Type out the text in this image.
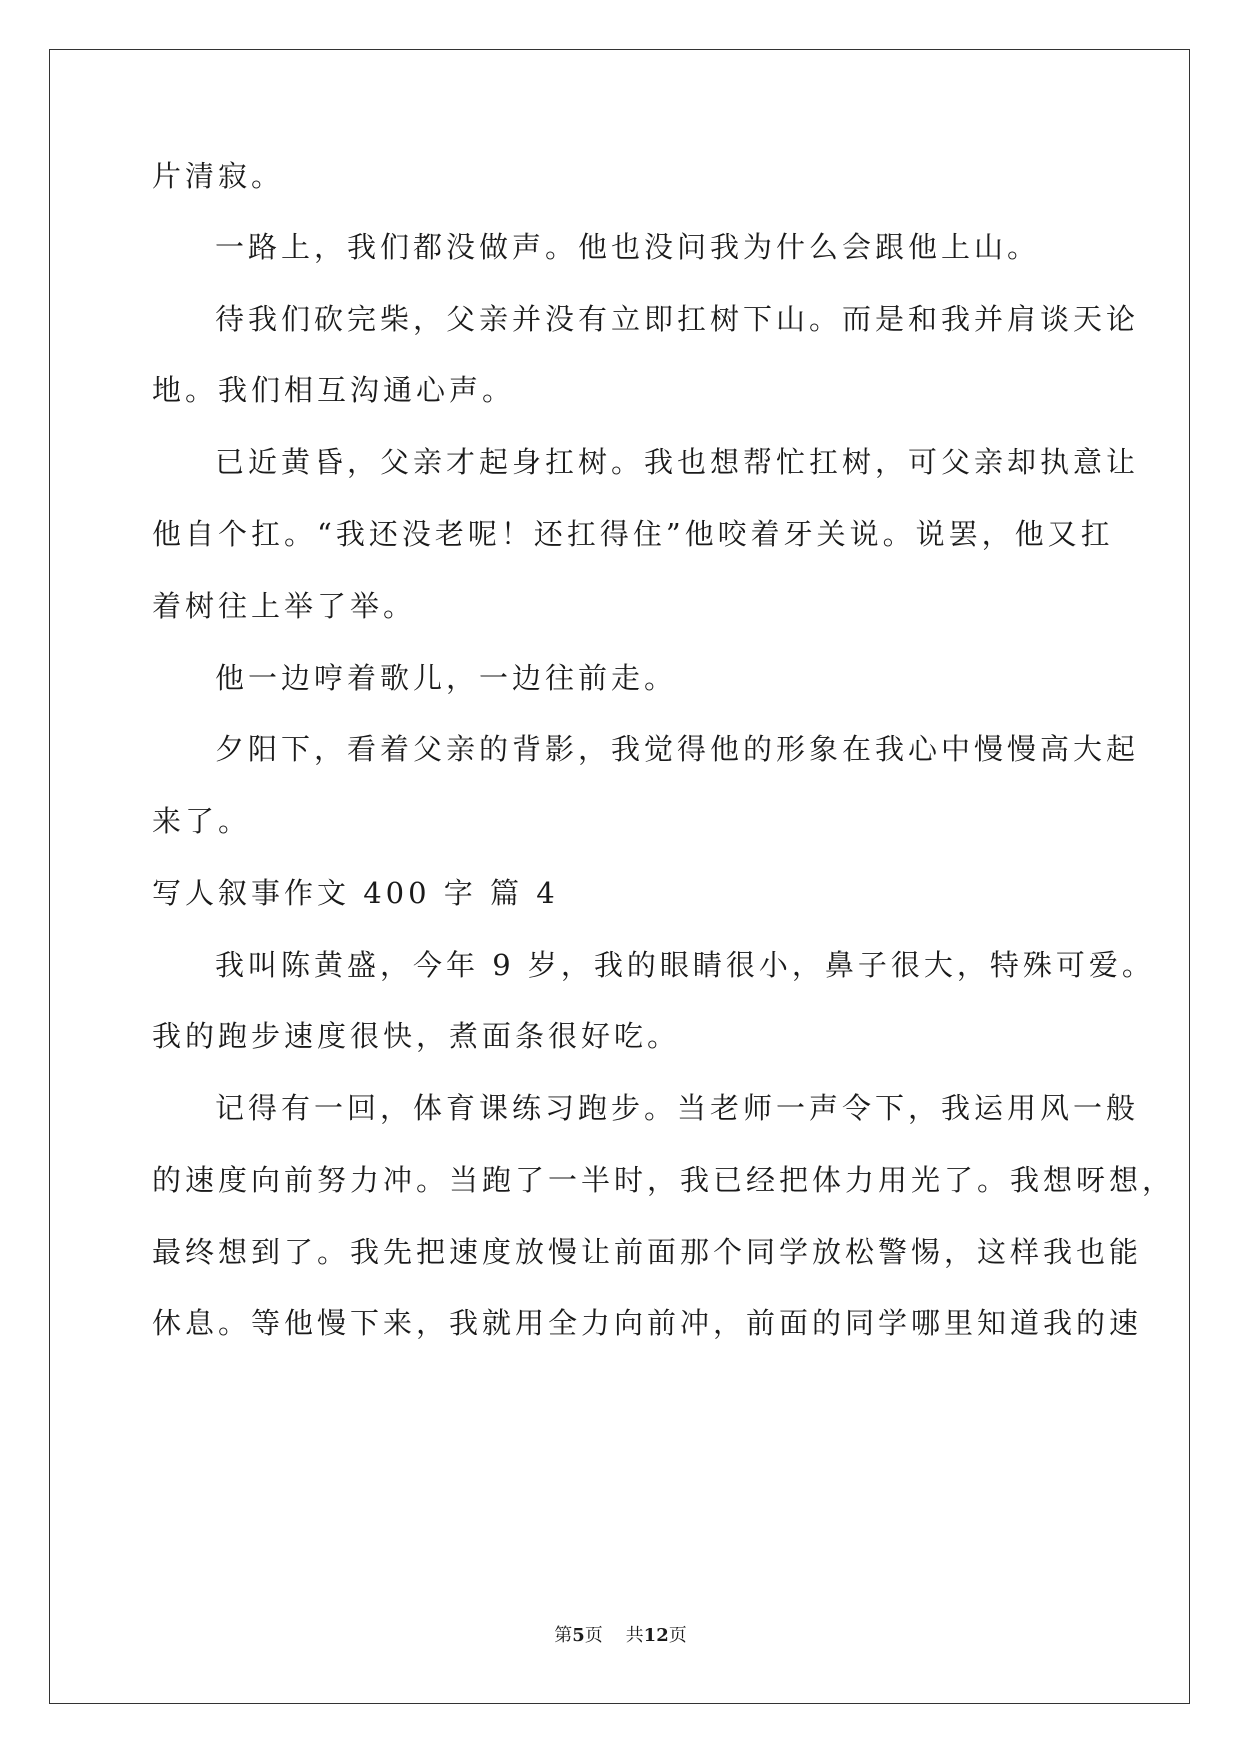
片清寂。
一路上，我们都没做声。他也没问我为什么会跟他上山。
待我们砍完柴，父亲并没有立即扛树下山。而是和我并肩谈天论
地。我们相互沟通心声。
已近黄昏，父亲才起身扛树。我也想帮忙扛树，可父亲却执意让
他自个扛。“我还没老呢！还扛得住”他咬着牙关说。说罢，他又扛
着树往上举了举。
他一边哼着歌儿，一边往前走。
夕阳下，看着父亲的背影，我觉得他的形象在我心中慢慢高大起
来了。
写人叙事作文 400 字 篇 4
我叫陈黄盛，今年 9 岁，我的眼睛很小，鼻子很大，特殊可爱。
我的跑步速度很快，煮面条很好吃。
记得有一回，体育课练习跑步。当老师一声令下，我运用风一般
的速度向前努力冲。当跑了一半时，我已经把体力用光了。我想呀想，
最终想到了。我先把速度放慢让前面那个同学放松警惕，这样我也能
休息。等他慢下来，我就用全力向前冲，前面的同学哪里知道我的速
第5页 共12页
